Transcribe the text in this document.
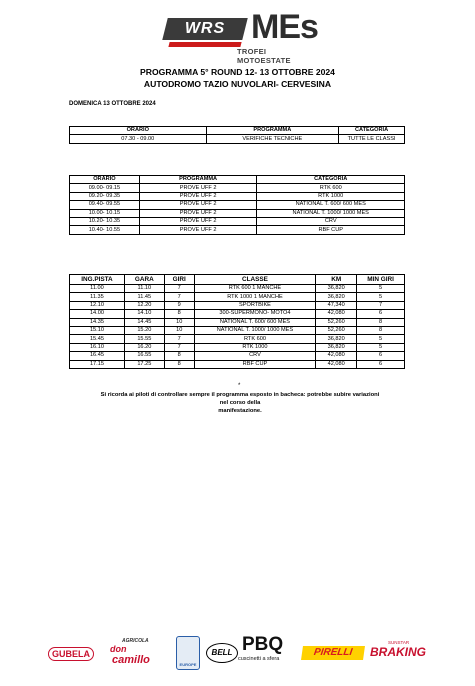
WRS MEs
TROFEI MOTOESTATE
PROGRAMMA 5° ROUND 12- 13 OTTOBRE 2024
AUTODROMO TAZIO NUVOLARI- CERVESINA
DOMENICA 13 OTTOBRE 2024
ORARIO	PROGRAMMA	CATEGORIA
07.30 - 09.00	VERIFICHE TECNICHE	TUTTE LE CLASSI
ORARIO	PROGRAMMA	CATEGORIA
09.00- 09.15	PROVE UFF 2	RTK 600
09.20- 09.35	PROVE UFF 2	RTK 1000
09.40- 09.55	PROVE UFF 2	NATIONAL T. 600/ 600 MES
10.00- 10.15	PROVE UFF 2	NATIONAL T. 1000/ 1000 MES
10.20- 10.35	PROVE UFF 2	CRV
10.40- 10.55	PROVE UFF 2	RBF CUP
ING.PISTA	GARA	GIRI	CLASSE	KM	MIN GIRI
11.00	11.10	7	RTK 600 1 MANCHE	36,820	5
11.35	11.45	7	RTK 1000 1 MANCHE	36,820	5
12.10	12.20	9	SPORTBIKE	47,340	7
14.00	14.10	8	300-SUPERMONO- MOTO4	42,080	6
14.35	14.45	10	NATIONAL T. 600/ 600 MES	52,260	8
15.10	15.20	10	NATIONAL T. 1000/ 1000 MES	52,260	8
15.45	15.55	7	RTK 600	36,820	5
16.10	16.20	7	RTK 1000	36,820	5
16.45	16.55	8	CRV	42,080	6
17.15	17.25	8	RBF CUP	42,080	6
*
Si ricorda ai piloti di controllare sempre il programma esposto in bacheca: potrebbe subire variazioni nel corso della
manifestazione.
GUBELA
AGRICOLA
don
camillo	EUROPE
BELL PBQ
cuscinetti a sfera
PIRELLI
SUNSTAR
BRAKING
